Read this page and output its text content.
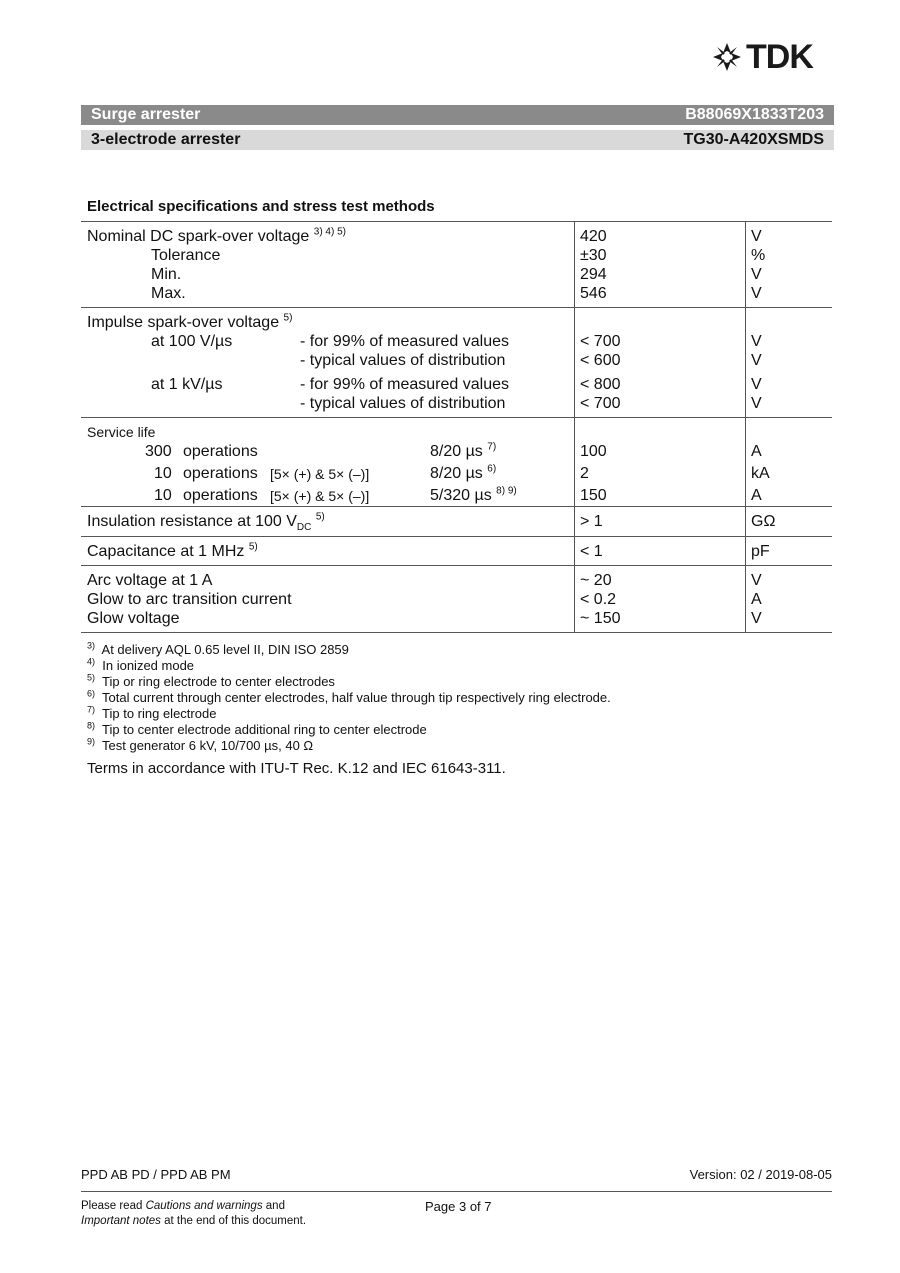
TDK
Surge arrester	B88069X1833T203
3-electrode arrester	TG30-A420XSMDS
Electrical specifications and stress test methods
Nominal DC spark-over voltage $^{3) 4) 5)}$	420	V
Tolerance	±30	%
Min.	294	V
Max.	546	V
Impulse spark-over voltage $^{5)}$
at 100 V/µs	- for 99% of measured values	< 700	V
- typical values of distribution	< 600	V
at 1 kV/µs	- for 99% of measured values	< 800	V
- typical values of distribution	< 700	V
Service life
300 operations	8/20 µs $^{7)}$	100	A
10 operations [5× (+) & 5× (–)]	8/20 µs $^{6)}$	2	kA
10 operations [5× (+) & 5× (–)]	5/320 µs $^{8) 9)}$	150	A
Insulation resistance at 100 $V_{DC}$ $^{5)}$	> 1	GΩ
Capacitance at 1 MHz $^{5)}$	< 1	pF
Arc voltage at 1 A	~ 20	V
Glow to arc transition current	< 0.2	A
Glow voltage	~ 150	V
$^{3)}$ At delivery AQL 0.65 level II, DIN ISO 2859
$^{4)}$ In ionized mode
$^{5)}$ Tip or ring electrode to center electrodes
$^{6)}$ Total current through center electrodes, half value through tip respectively ring electrode.
$^{7)}$ Tip to ring electrode
$^{8)}$ Tip to center electrode additional ring to center electrode
$^{9)}$ Test generator 6 kV, 10/700 µs, 40 Ω
Terms in accordance with ITU-T Rec. K.12 and IEC 61643-311.
PPD AB PD / PPD AB PM	Version: 02 / 2019-08-05
Please read Cautions and warnings and
Important notes at the end of this document.
Page 3 of 7
